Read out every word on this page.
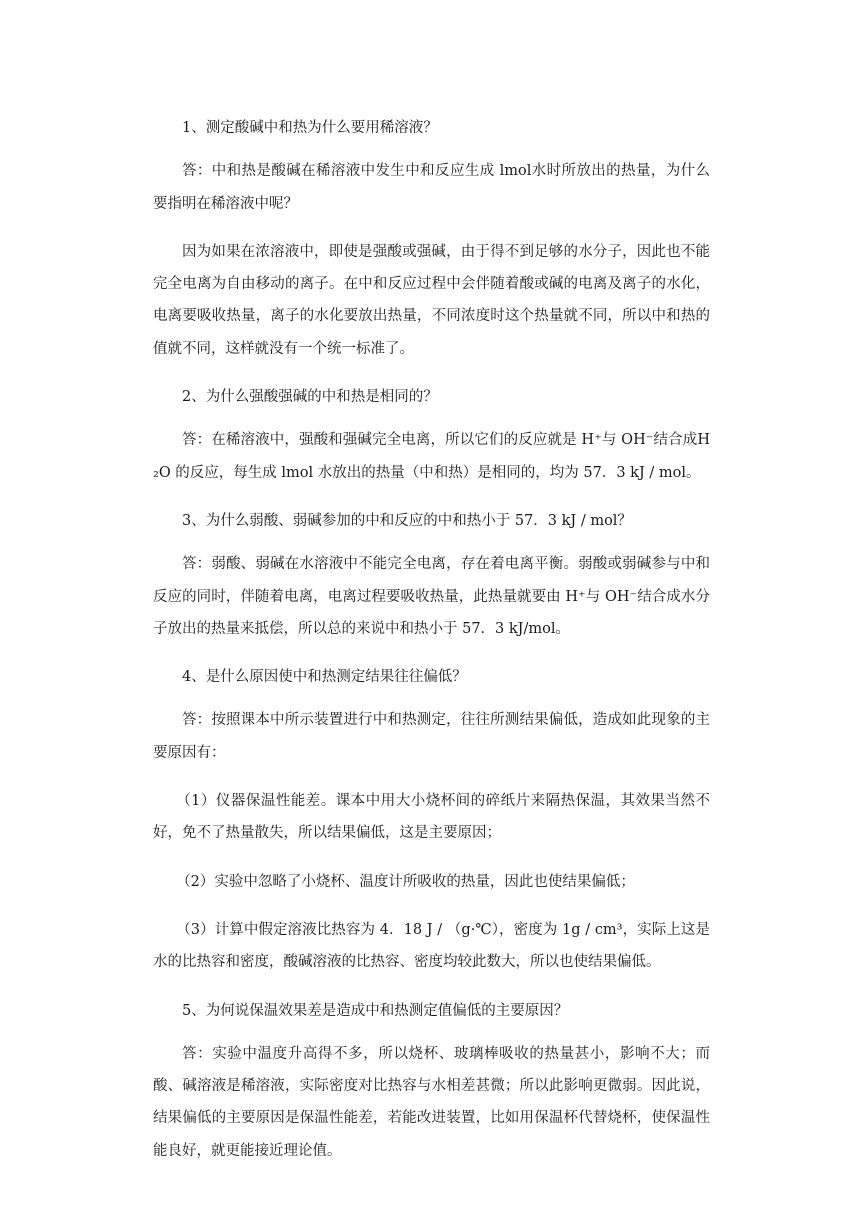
1、测定酸碱中和热为什么要用稀溶液？

答：中和热是酸碱在稀溶液中发生中和反应生成 lmol水时所放出的热量，为什么要指明在稀溶液中呢？

因为如果在浓溶液中，即使是强酸或强碱，由于得不到足够的水分子，因此也不能完全电离为自由移动的离子。在中和反应过程中会伴随着酸或碱的电离及离子的水化，电离要吸收热量，离子的水化要放出热量，不同浓度时这个热量就不同，所以中和热的值就不同，这样就没有一个统一标准了。

2、为什么强酸强碱的中和热是相同的？

答：在稀溶液中，强酸和强碱完全电离，所以它们的反应就是 H⁺与 OH⁻结合成H₂O 的反应，每生成 lmol 水放出的热量（中和热）是相同的，均为 57．3 kJ / mol。

3、为什么弱酸、弱碱参加的中和反应的中和热小于 57．3 kJ / mol？

答：弱酸、弱碱在水溶液中不能完全电离，存在着电离平衡。弱酸或弱碱参与中和反应的同时，伴随着电离，电离过程要吸收热量，此热量就要由 H⁺与 OH⁻结合成水分子放出的热量来抵偿，所以总的来说中和热小于 57．3 kJ/mol。

4、是什么原因使中和热测定结果往往偏低？

答：按照课本中所示装置进行中和热测定，往往所测结果偏低，造成如此现象的主要原因有：

（1）仪器保温性能差。课本中用大小烧杯间的碎纸片来隔热保温，其效果当然不好，免不了热量散失，所以结果偏低，这是主要原因；

（2）实验中忽略了小烧杯、温度计所吸收的热量，因此也使结果偏低；

（3）计算中假定溶液比热容为 4．18 J / （g·℃），密度为 1g / cm³，实际上这是水的比热容和密度，酸碱溶液的比热容、密度均较此数大，所以也使结果偏低。

5、为何说保温效果差是造成中和热测定值偏低的主要原因？

答：实验中温度升高得不多，所以烧杯、玻璃棒吸收的热量甚小，影响不大；而酸、碱溶液是稀溶液，实际密度对比热容与水相差甚微；所以此影响更微弱。因此说，结果偏低的主要原因是保温性能差，若能改进装置，比如用保温杯代替烧杯，使保温性能良好，就更能接近理论值。
